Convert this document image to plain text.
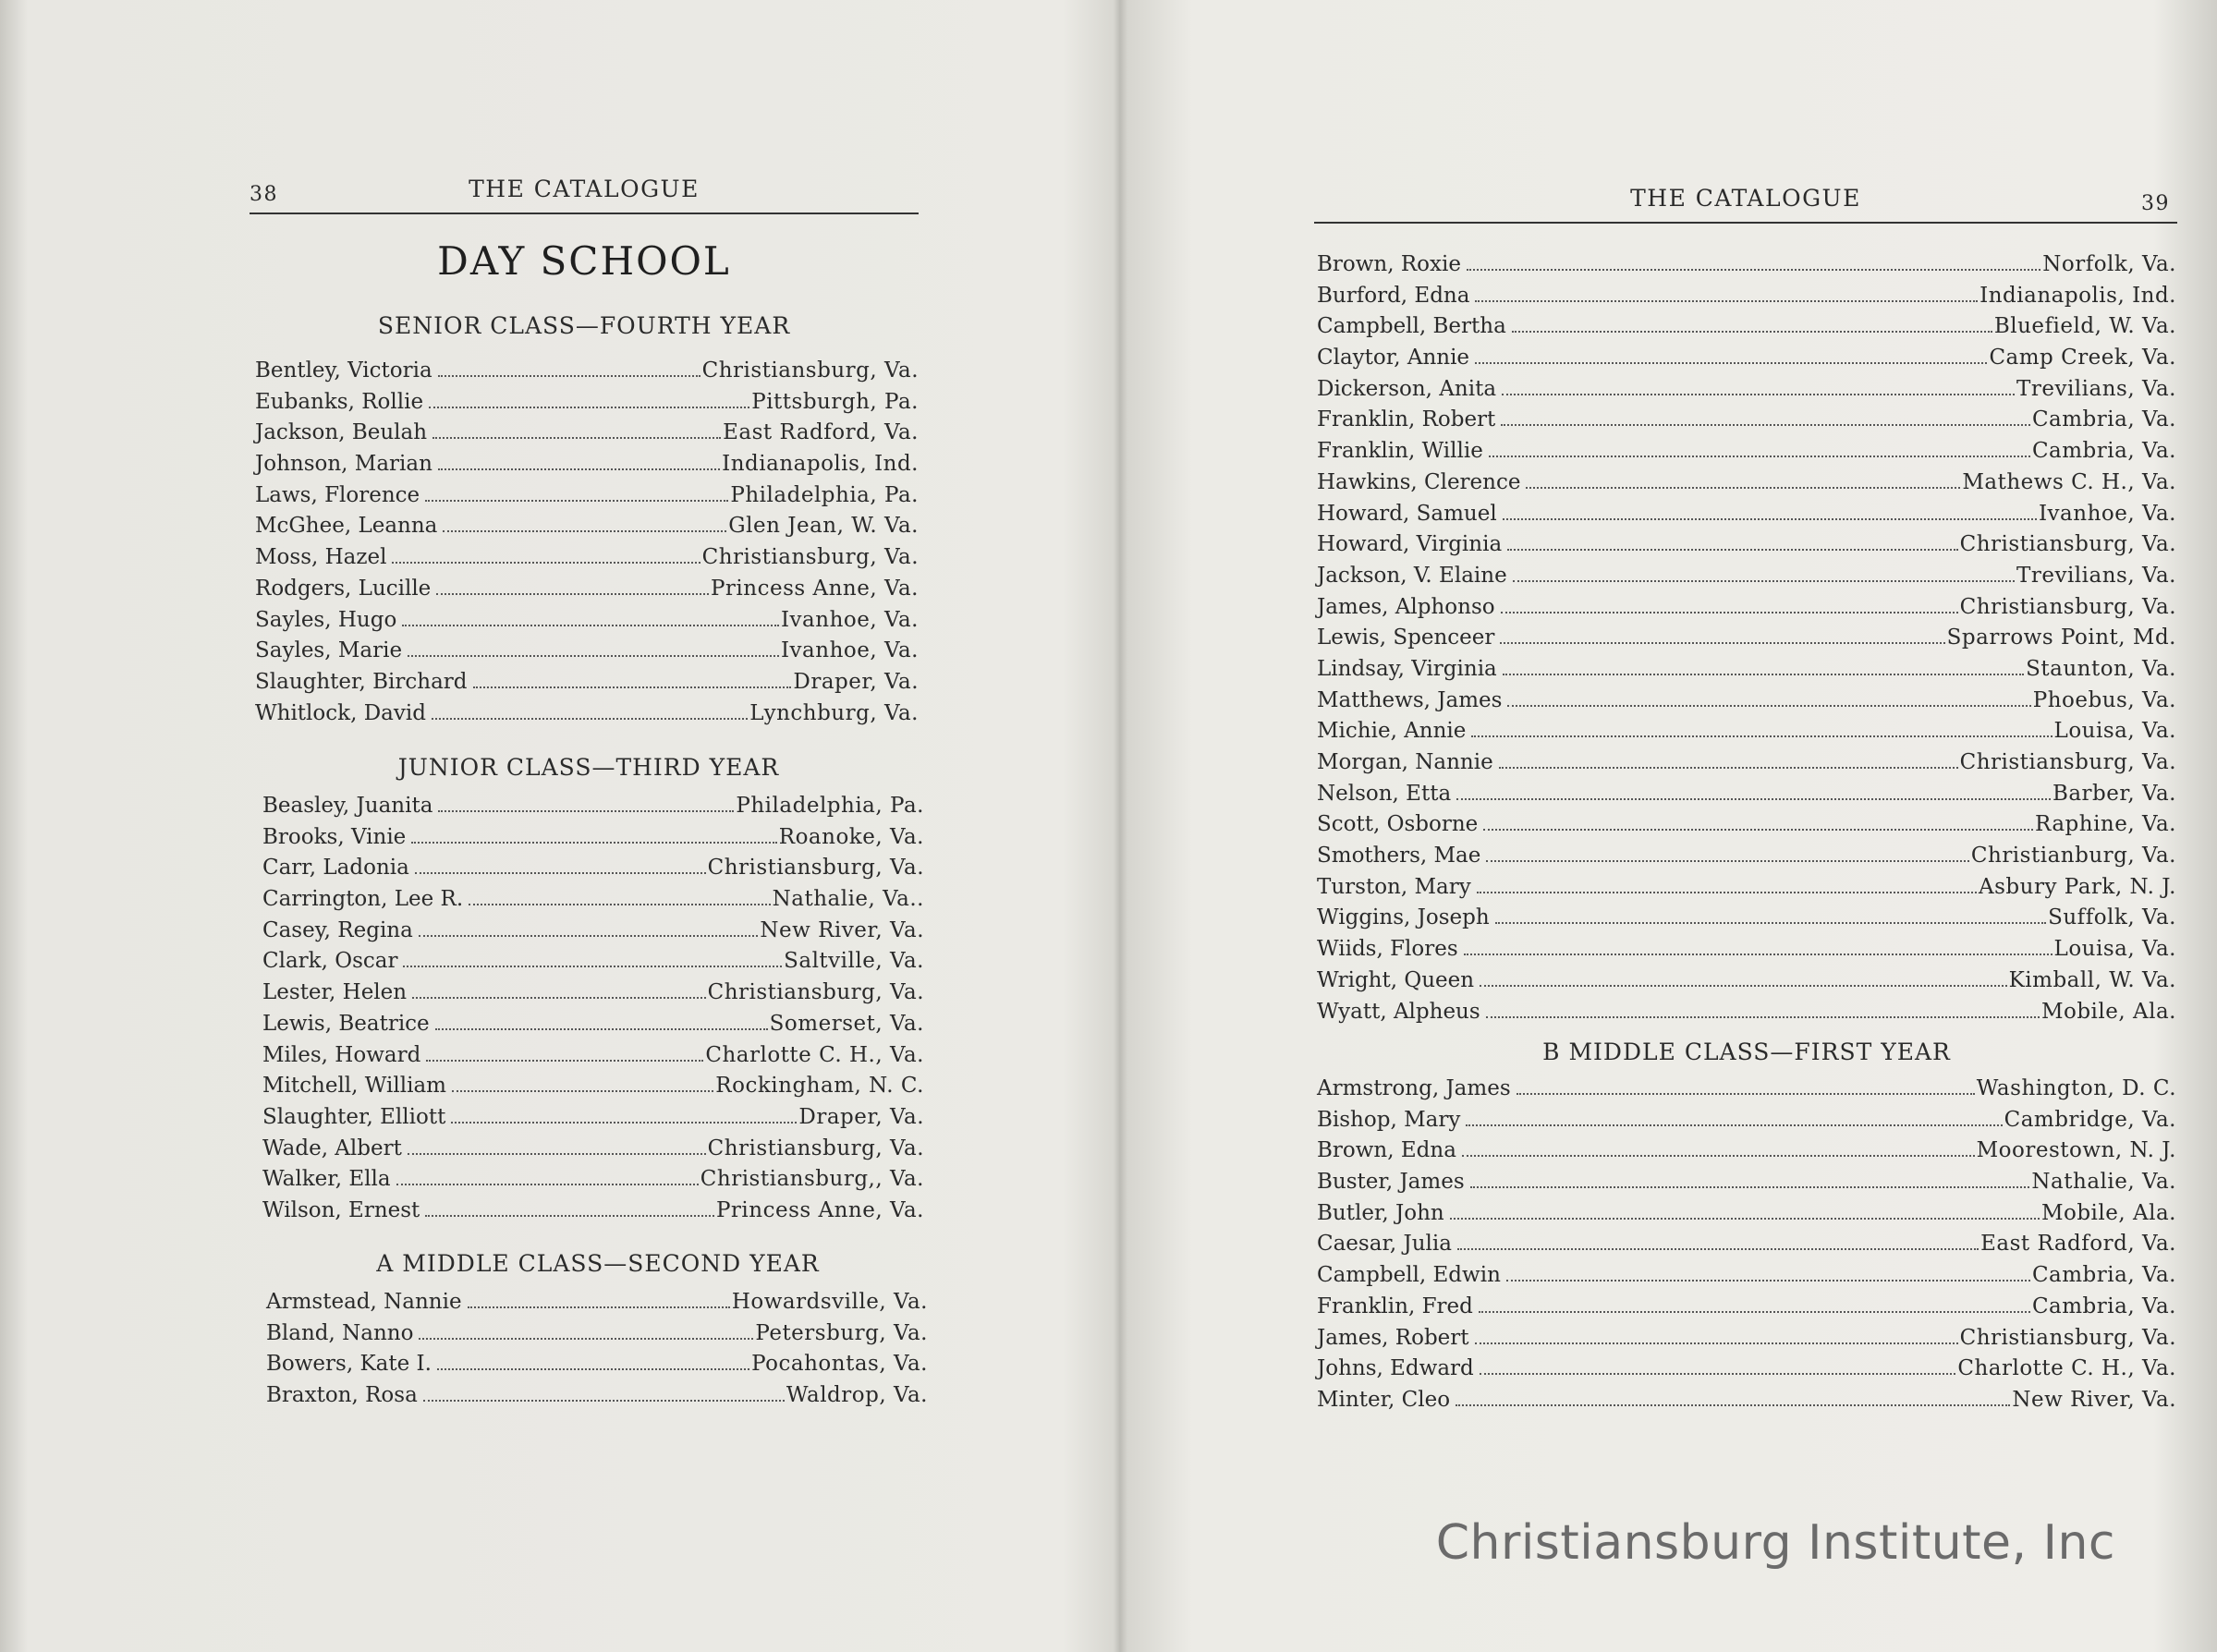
38	THE CATALOGUE
DAY SCHOOL
SENIOR CLASS—FOURTH YEAR
Bentley, Victoria	Christiansburg, Va.
Eubanks, Rollie	Pittsburgh, Pa.
Jackson, Beulah	East Radford, Va.
Johnson, Marian	Indianapolis, Ind.
Laws, Florence	Philadelphia, Pa.
McGhee, Leanna	Glen Jean, W. Va.
Moss, Hazel	Christiansburg, Va.
Rodgers, Lucille	Princess Anne, Va.
Sayles, Hugo	Ivanhoe, Va.
Sayles, Marie	Ivanhoe, Va.
Slaughter, Birchard	Draper, Va.
Whitlock, David	Lynchburg, Va.
JUNIOR CLASS—THIRD YEAR
Beasley, Juanita	Philadelphia, Pa.
Brooks, Vinie	Roanoke, Va.
Carr, Ladonia	Christiansburg, Va.
Carrington, Lee R.	Nathalie, Va..
Casey, Regina	New River, Va.
Clark, Oscar	Saltville, Va.
Lester, Helen	Christiansburg, Va.
Lewis, Beatrice	Somerset, Va.
Miles, Howard	Charlotte C. H., Va.
Mitchell, William	Rockingham, N. C.
Slaughter, Elliott	Draper, Va.
Wade, Albert	Christiansburg, Va.
Walker, Ella	Christiansburg,, Va.
Wilson, Ernest	Princess Anne, Va.
A MIDDLE CLASS—SECOND YEAR
Armstead, Nannie	Howardsville, Va.
Bland, Nanno	Petersburg, Va.
Bowers, Kate I.	Pocahontas, Va.
Braxton, Rosa	Waldrop, Va.
THE CATALOGUE	39
Brown, Roxie	Norfolk, Va.
Burford, Edna	Indianapolis, Ind.
Campbell, Bertha	Bluefield, W. Va.
Claytor, Annie	Camp Creek, Va.
Dickerson, Anita	Trevilians, Va.
Franklin, Robert	Cambria, Va.
Franklin, Willie	Cambria, Va.
Hawkins, Clerence	Mathews C. H., Va.
Howard, Samuel	Ivanhoe, Va.
Howard, Virginia	Christiansburg, Va.
Jackson, V. Elaine	Trevilians, Va.
James, Alphonso	Christiansburg, Va.
Lewis, Spenceer	Sparrows Point, Md.
Lindsay, Virginia	Staunton, Va.
Matthews, James	Phoebus, Va.
Michie, Annie	Louisa, Va.
Morgan, Nannie	Christiansburg, Va.
Nelson, Etta	Barber, Va.
Scott, Osborne	Raphine, Va.
Smothers, Mae	Christianburg, Va.
Turston, Mary	Asbury Park, N. J.
Wiggins, Joseph	Suffolk, Va.
Wiids, Flores	Louisa, Va.
Wright, Queen	Kimball, W. Va.
Wyatt, Alpheus	Mobile, Ala.
B MIDDLE CLASS—FIRST YEAR
Armstrong, James	Washington, D. C.
Bishop, Mary	Cambridge, Va.
Brown, Edna	Moorestown, N. J.
Buster, James	Nathalie, Va.
Butler, John	Mobile, Ala.
Caesar, Julia	East Radford, Va.
Campbell, Edwin	Cambria, Va.
Franklin, Fred	Cambria, Va.
James, Robert	Christiansburg, Va.
Johns, Edward	Charlotte C. H., Va.
Minter, Cleo	New River, Va.
Christiansburg Institute, Inc
